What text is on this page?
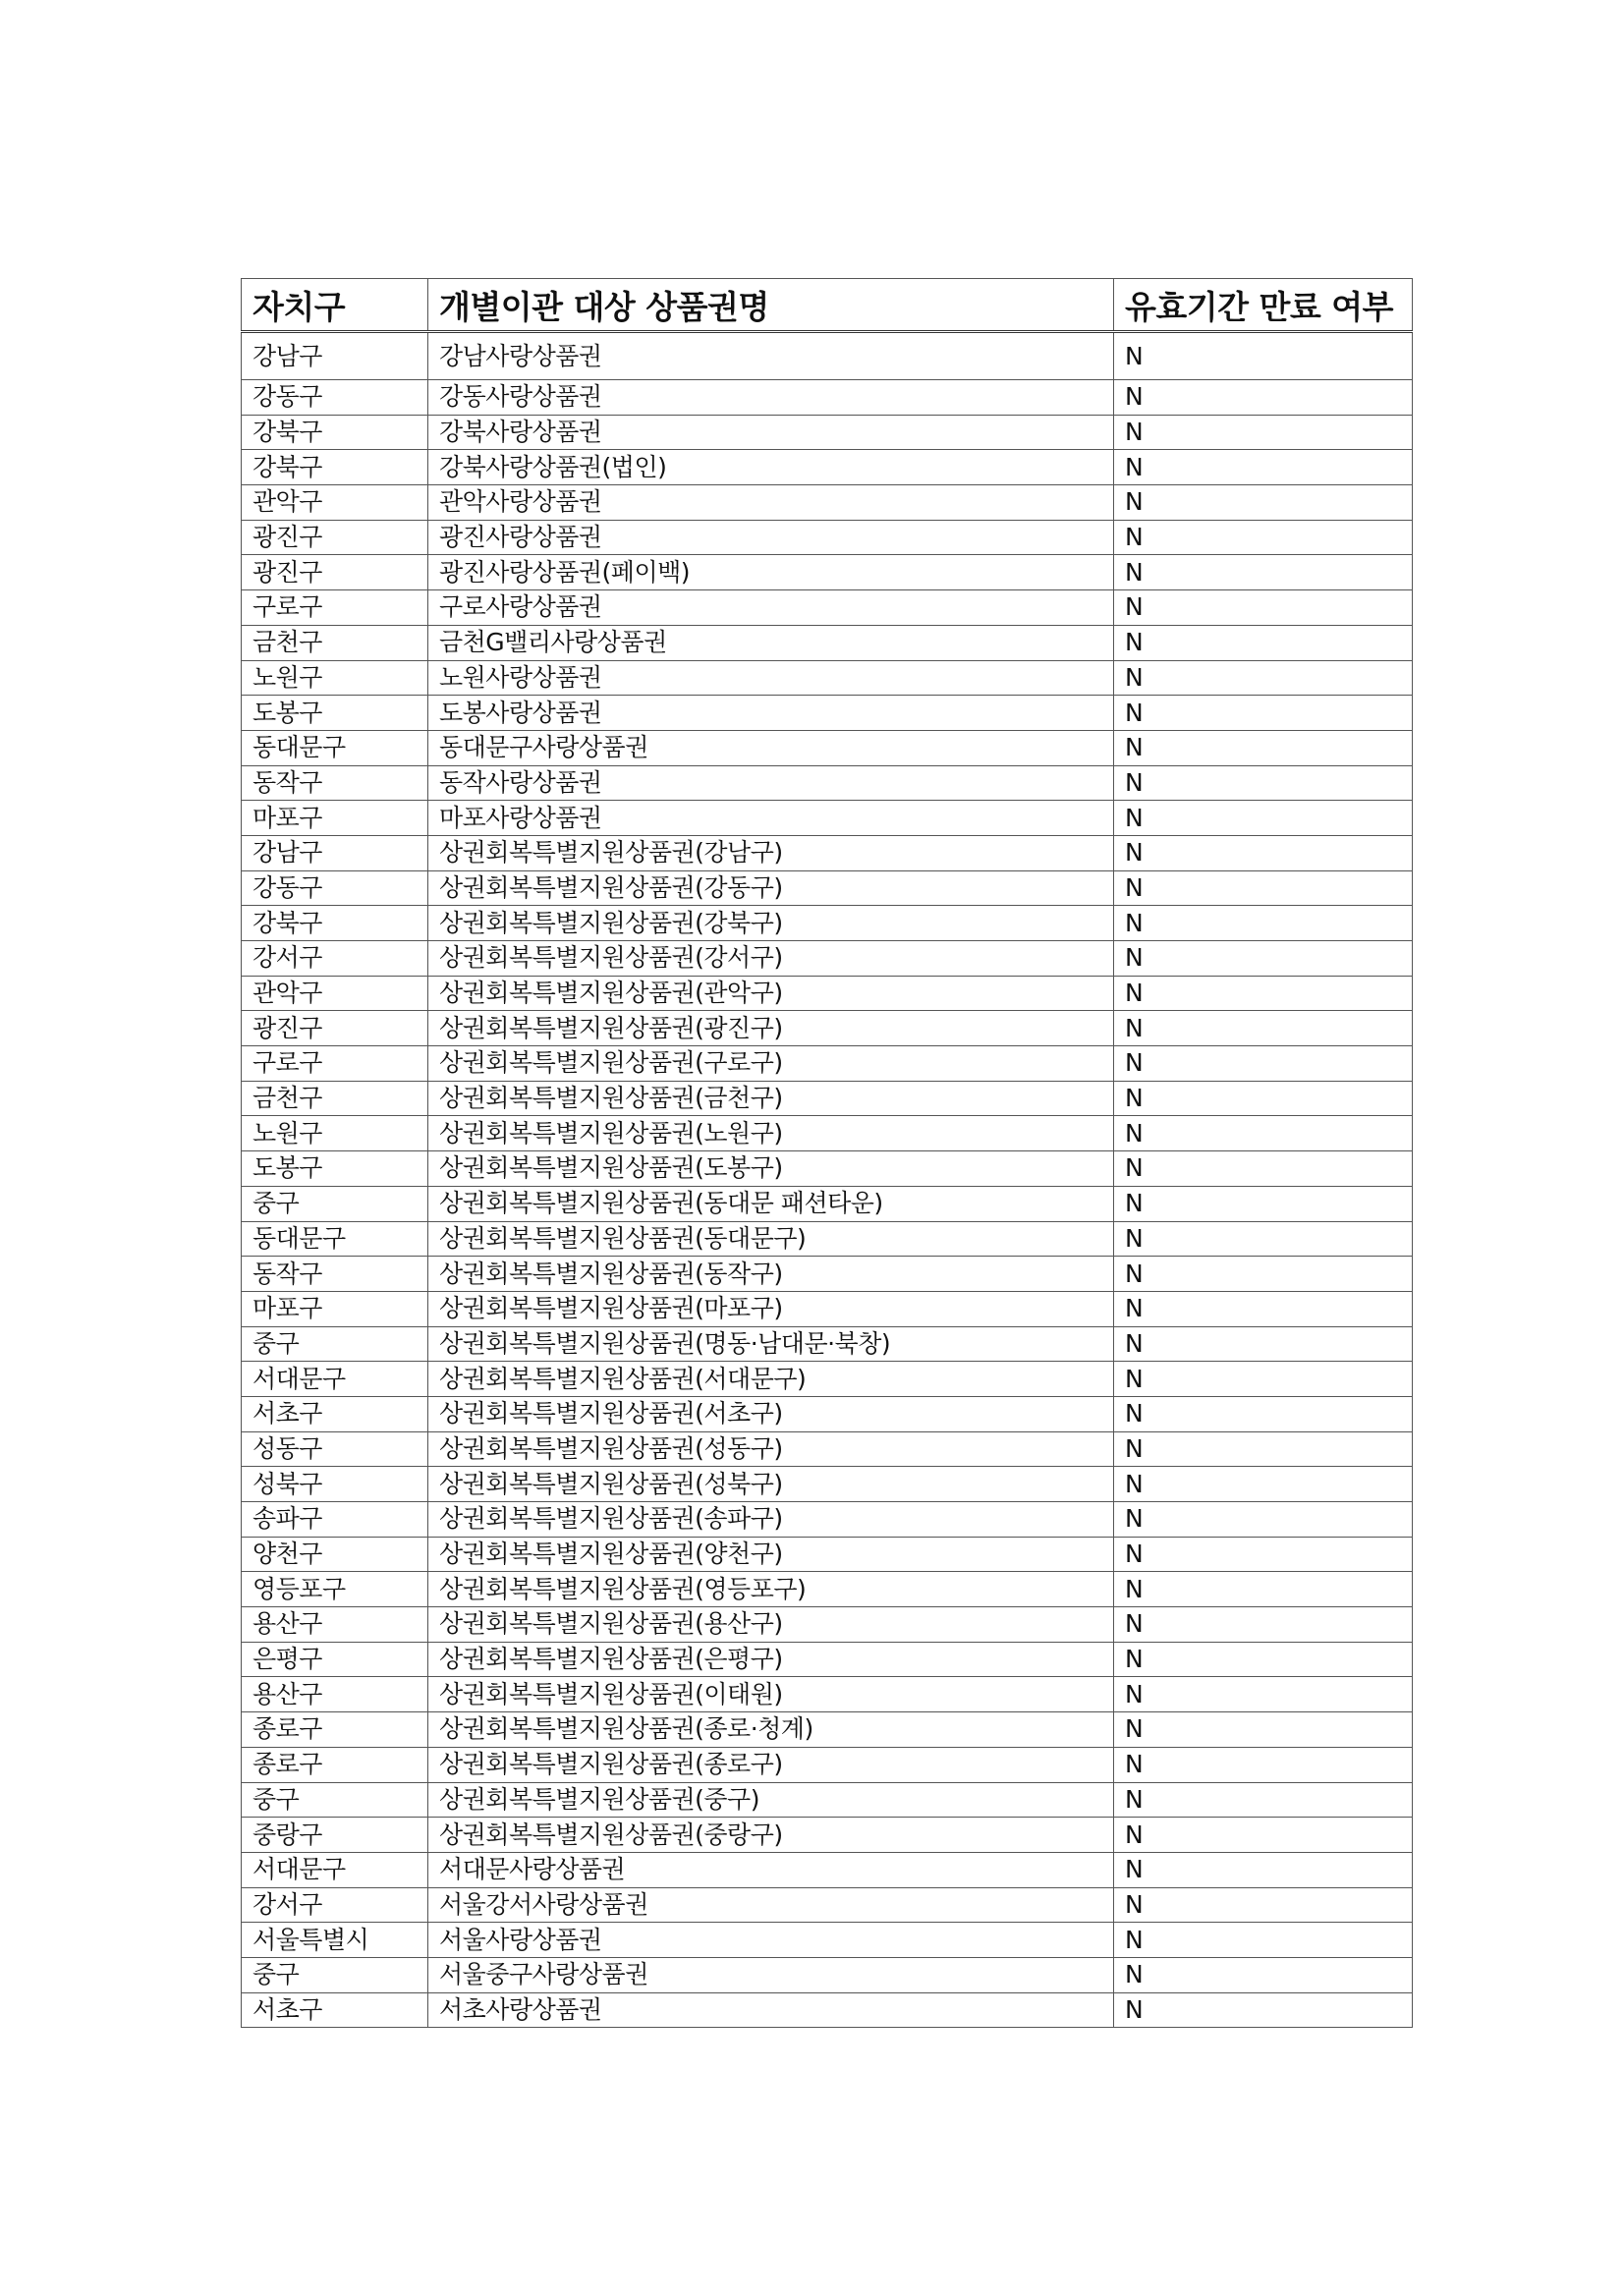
자치구	개별이관 대상 상품권명	유효기간 만료 여부
강남구	강남사랑상품권	N
강동구	강동사랑상품권	N
강북구	강북사랑상품권	N
강북구	강북사랑상품권(법인)	N
관악구	관악사랑상품권	N
광진구	광진사랑상품권	N
광진구	광진사랑상품권(페이백)	N
구로구	구로사랑상품권	N
금천구	금천G밸리사랑상품권	N
노원구	노원사랑상품권	N
도봉구	도봉사랑상품권	N
동대문구	동대문구사랑상품권	N
동작구	동작사랑상품권	N
마포구	마포사랑상품권	N
강남구	상권회복특별지원상품권(강남구)	N
강동구	상권회복특별지원상품권(강동구)	N
강북구	상권회복특별지원상품권(강북구)	N
강서구	상권회복특별지원상품권(강서구)	N
관악구	상권회복특별지원상품권(관악구)	N
광진구	상권회복특별지원상품권(광진구)	N
구로구	상권회복특별지원상품권(구로구)	N
금천구	상권회복특별지원상품권(금천구)	N
노원구	상권회복특별지원상품권(노원구)	N
도봉구	상권회복특별지원상품권(도봉구)	N
중구	상권회복특별지원상품권(동대문 패션타운)	N
동대문구	상권회복특별지원상품권(동대문구)	N
동작구	상권회복특별지원상품권(동작구)	N
마포구	상권회복특별지원상품권(마포구)	N
중구	상권회복특별지원상품권(명동·남대문·북창)	N
서대문구	상권회복특별지원상품권(서대문구)	N
서초구	상권회복특별지원상품권(서초구)	N
성동구	상권회복특별지원상품권(성동구)	N
성북구	상권회복특별지원상품권(성북구)	N
송파구	상권회복특별지원상품권(송파구)	N
양천구	상권회복특별지원상품권(양천구)	N
영등포구	상권회복특별지원상품권(영등포구)	N
용산구	상권회복특별지원상품권(용산구)	N
은평구	상권회복특별지원상품권(은평구)	N
용산구	상권회복특별지원상품권(이태원)	N
종로구	상권회복특별지원상품권(종로·청계)	N
종로구	상권회복특별지원상품권(종로구)	N
중구	상권회복특별지원상품권(중구)	N
중랑구	상권회복특별지원상품권(중랑구)	N
서대문구	서대문사랑상품권	N
강서구	서울강서사랑상품권	N
서울특별시	서울사랑상품권	N
중구	서울중구사랑상품권	N
서초구	서초사랑상품권	N
